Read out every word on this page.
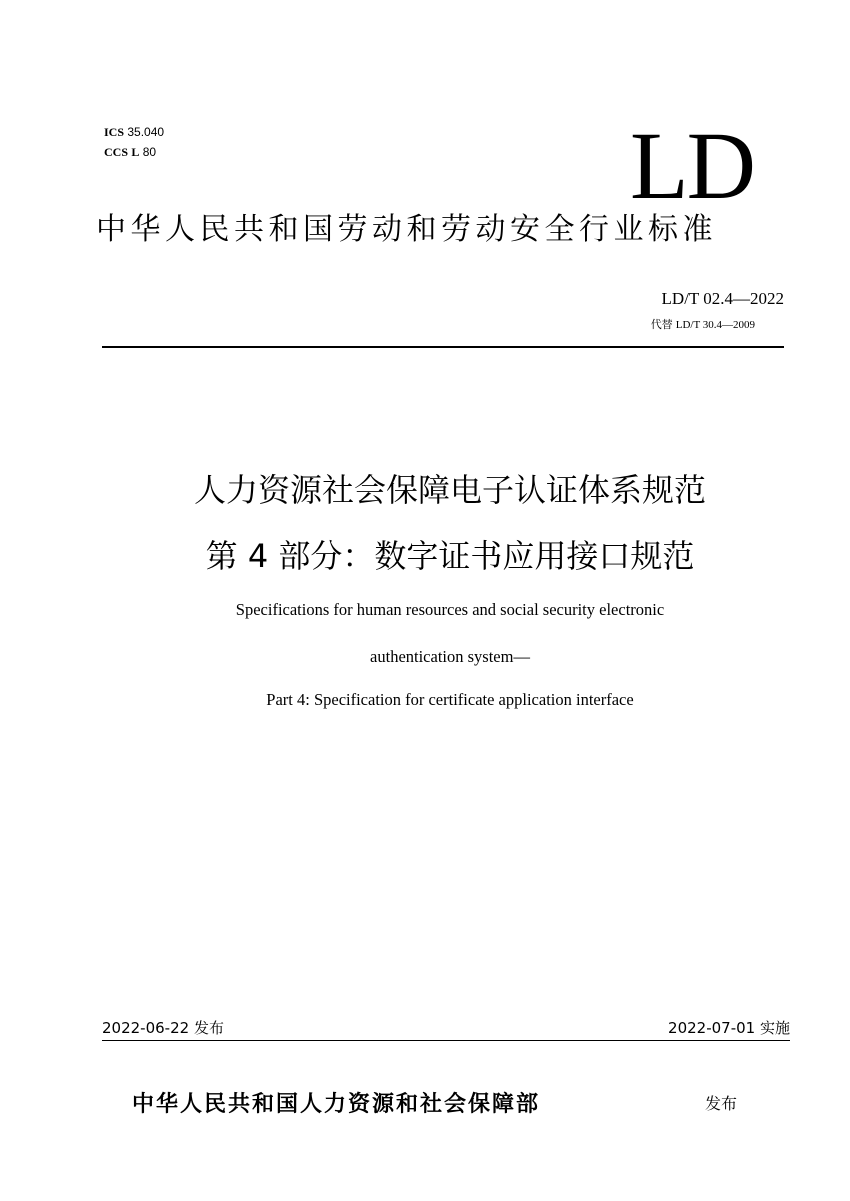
ICS 35.040
CCS L 80	LD
中华人民共和国劳动和劳动安全行业标准
LD/T 02.4—2022
代替 LD/T 30.4—2009
人力资源社会保障电子认证体系规范
第 4 部分：数字证书应用接口规范
Specifications for human resources and social security electronic
authentication system—
Part 4: Specification for certificate application interface
2022-06-22 发布	2022-07-01 实施
中华人民共和国人力资源和社会保障部	发布
